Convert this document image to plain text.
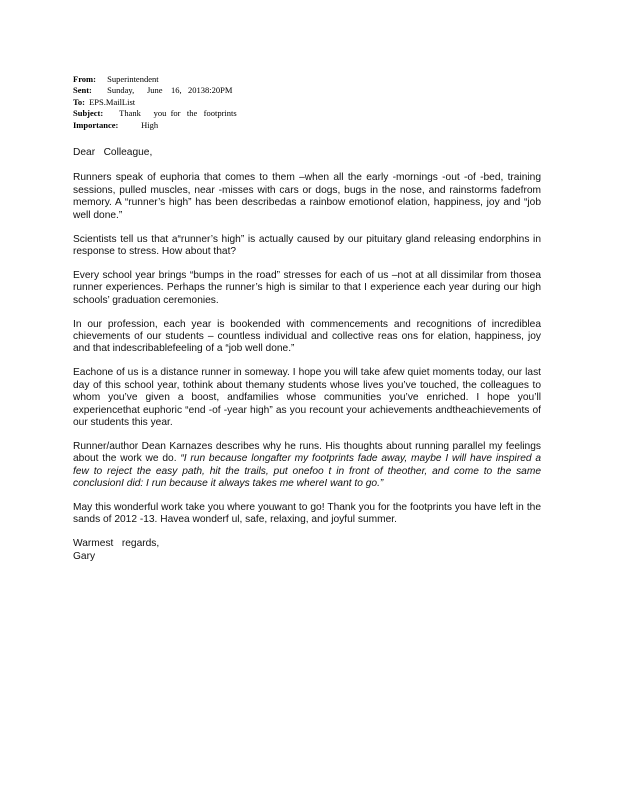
From: Superintendent
Sent: Sunday,      June    16,   20138:20PM
To: EPS.MailList
Subject: Thank      you  for   the   footprints
Importance:	High

Dear   Colleague,

Runners speak of euphoria that comes to them –when all the early -mornings -out -of -bed, training sessions, pulled muscles, near -misses with cars or dogs, bugs in the nose, and rainstorms fadefrom memory. A “runner’s high” has been describedas a rainbow emotionof elation, happiness, joy and “job well done.”

Scientists tell us that a“runner’s high” is actually caused by our pituitary gland releasing endorphins in response to stress. How about that?

Every school year brings “bumps in the road” stresses for each of us –not at all dissimilar from thosea runner experiences. Perhaps the runner’s high is similar to that I experience each year during our high schools’ graduation ceremonies.

In our profession, each year is bookended with commencements and recognitions of incrediblea chievements of our students – countless individual and collective reas ons for elation, happiness, joy and that indescribablefeeling of a “job well done.”

Eachone of us is a distance runner in someway. I hope you will take afew quiet moments today, our last day of this school year, tothink about themany students whose lives you’ve touched, the colleagues to whom you’ve given a boost, andfamilies whose communities you’ve enriched. I hope you’ll experiencethat euphoric “end -of -year high” as you recount your achievements andtheachievements of our students this year.

Runner/author Dean Karnazes describes why he runs. His thoughts about running parallel my feelings about the work we do. “I run because longafter my footprints fade away, maybe I will have inspired a few to reject the easy path, hit the trails, put onefoo t in front of theother, and come to the same conclusionI did: I run because it always takes me whereI want to go.”

May this wonderful work take you where youwant to go! Thank you for the footprints you have left in the sands of 2012 -13. Havea wonderf ul, safe, relaxing, and joyful summer.

Warmest   regards,
Gary
